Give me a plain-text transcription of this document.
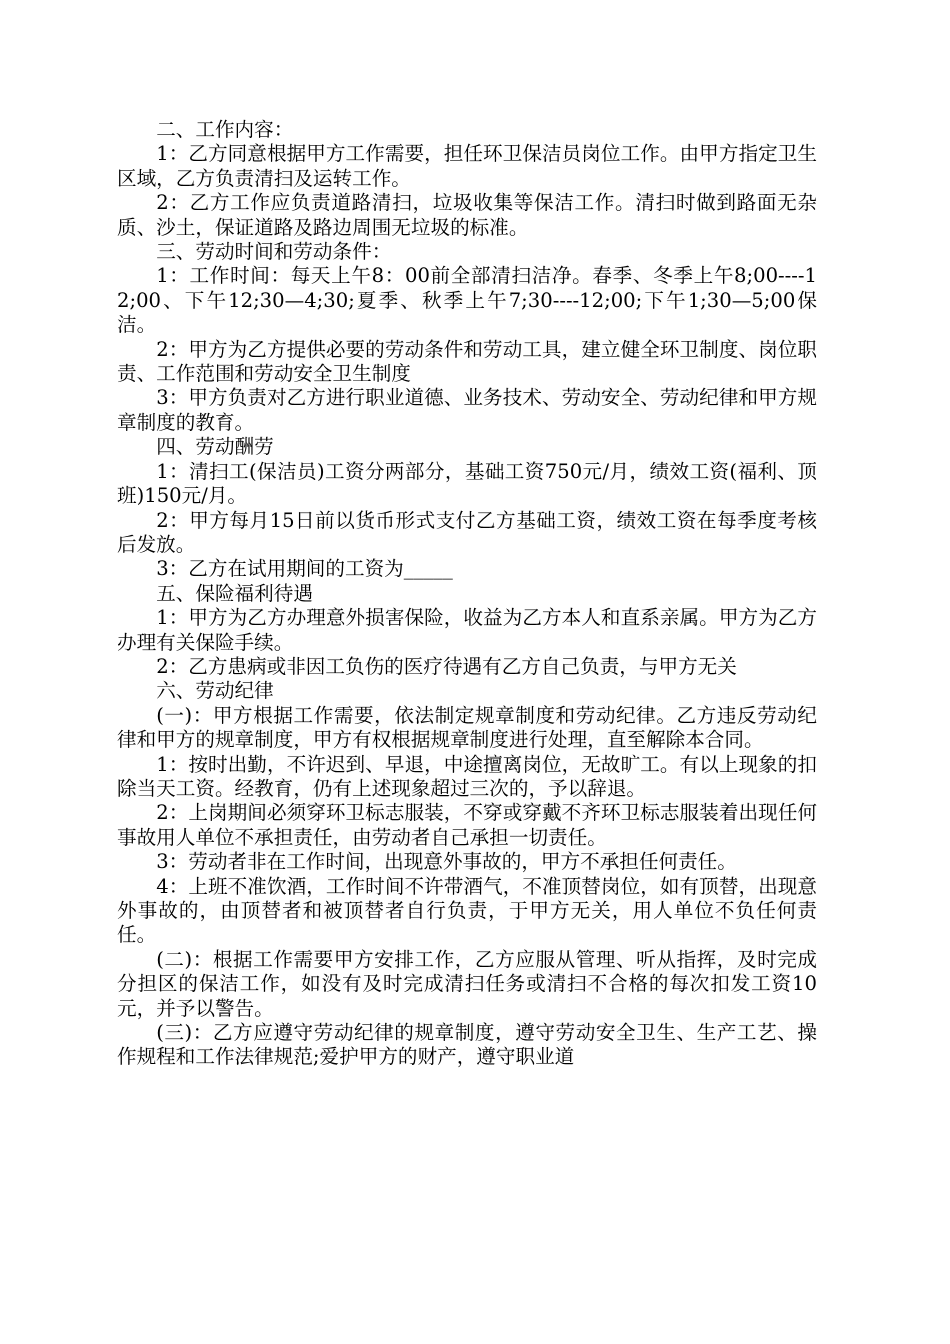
二、工作内容：

1：乙方同意根据甲方工作需要，担任环卫保洁员岗位工作。由甲方指定卫生区域，乙方负责清扫及运转工作。

2：乙方工作应负责道路清扫，垃圾收集等保洁工作。清扫时做到路面无杂质、沙土，保证道路及路边周围无垃圾的标准。

三、劳动时间和劳动条件：

1：工作时间：每天上午8：00前全部清扫洁净。春季、冬季上午8;00----12;00、下午12;30—4;30;夏季、秋季上午7;30----12;00;下午1;30—5;00保洁。

2：甲方为乙方提供必要的劳动条件和劳动工具，建立健全环卫制度、岗位职责、工作范围和劳动安全卫生制度

3：甲方负责对乙方进行职业道德、业务技术、劳动安全、劳动纪律和甲方规章制度的教育。

四、劳动酬劳

1：清扫工(保洁员)工资分两部分，基础工资750元/月，绩效工资(福利、顶班)150元/月。

2：甲方每月15日前以货币形式支付乙方基础工资，绩效工资在每季度考核后发放。

3：乙方在试用期间的工资为_____

五、保险福利待遇

1：甲方为乙方办理意外损害保险，收益为乙方本人和直系亲属。甲方为乙方办理有关保险手续。

2：乙方患病或非因工负伤的医疗待遇有乙方自己负责，与甲方无关

六、劳动纪律

(一)：甲方根据工作需要，依法制定规章制度和劳动纪律。乙方违反劳动纪律和甲方的规章制度，甲方有权根据规章制度进行处理，直至解除本合同。

1：按时出勤，不许迟到、早退，中途擅离岗位，无故旷工。有以上现象的扣除当天工资。经教育，仍有上述现象超过三次的，予以辞退。

2：上岗期间必须穿环卫标志服装，不穿或穿戴不齐环卫标志服装着出现任何事故用人单位不承担责任，由劳动者自己承担一切责任。

3：劳动者非在工作时间，出现意外事故的，甲方不承担任何责任。

4：上班不准饮酒，工作时间不许带酒气，不准顶替岗位，如有顶替，出现意外事故的，由顶替者和被顶替者自行负责，于甲方无关，用人单位不负任何责任。

(二)：根据工作需要甲方安排工作，乙方应服从管理、听从指挥，及时完成分担区的保洁工作，如没有及时完成清扫任务或清扫不合格的每次扣发工资10元，并予以警告。

(三)：乙方应遵守劳动纪律的规章制度，遵守劳动安全卫生、生产工艺、操作规程和工作法律规范;爱护甲方的财产，遵守职业道
